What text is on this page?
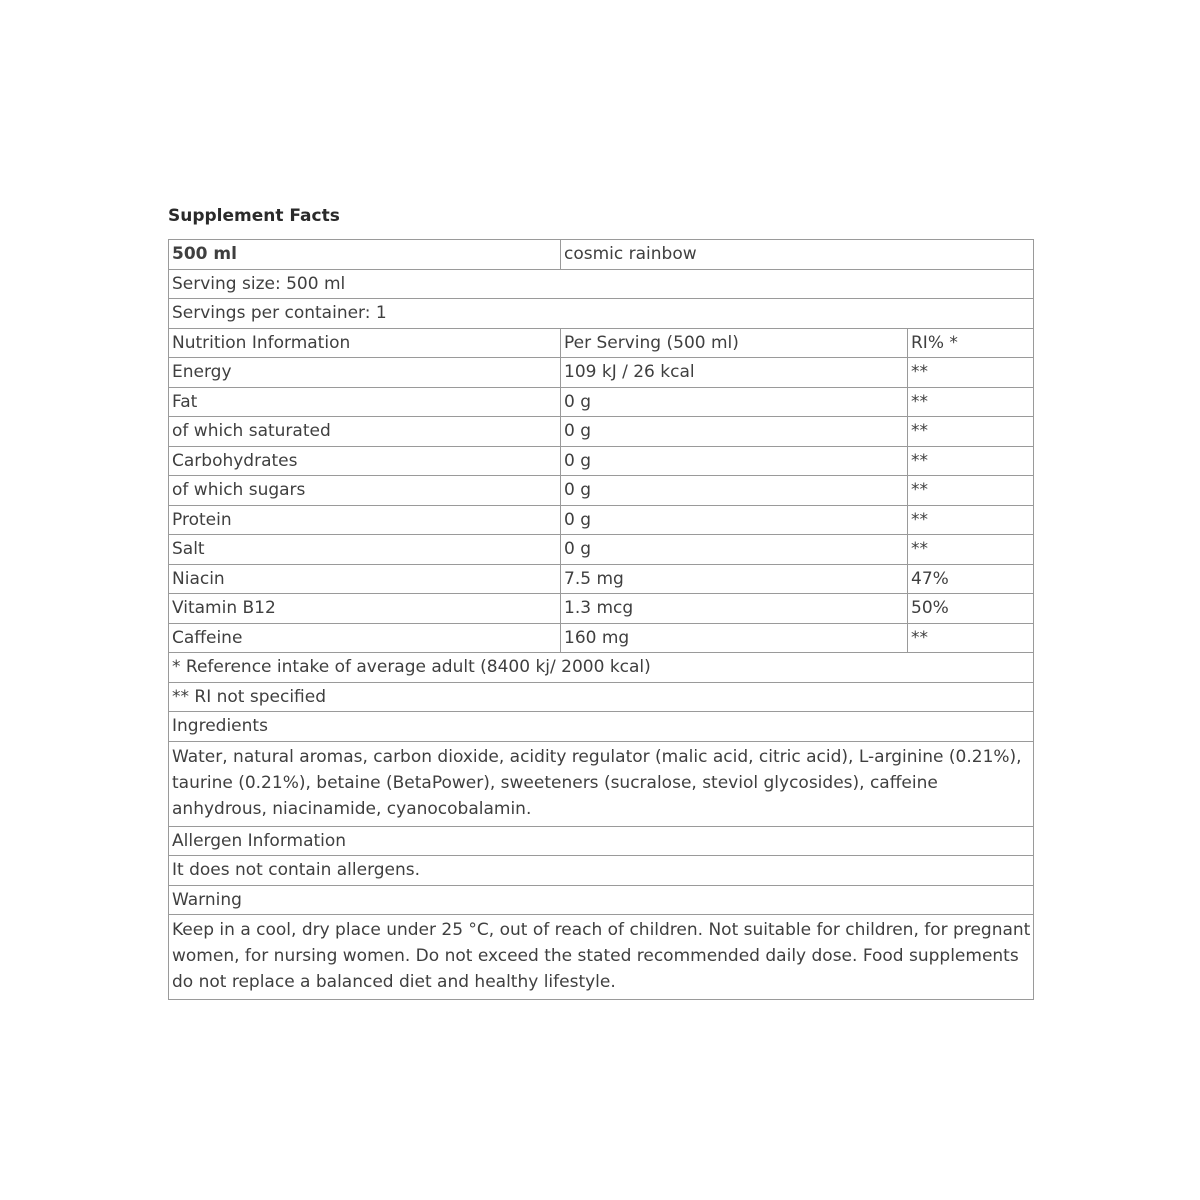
Supplement Facts
500 ml	cosmic rainbow	
Serving size: 500 ml		
Servings per container: 1		
Nutrition Information	Per Serving (500 ml)	RI% *
Energy	109 kJ / 26 kcal	**
Fat	0 g	**
of which saturated	0 g	**
Carbohydrates	0 g	**
of which sugars	0 g	**
Protein	0 g	**
Salt	0 g	**
Niacin	7.5 mg	47%
Vitamin B12	1.3 mcg	50%
Caffeine	160 mg	**
* Reference intake of average adult (8400 kj/ 2000 kcal)		
** RI not specified		
Ingredients		
Water, natural aromas, carbon dioxide, acidity regulator (malic acid, citric acid), L-arginine (0.21%), taurine (0.21%), betaine (BetaPower), sweeteners (sucralose, steviol glycosides), caffeine anhydrous, niacinamide, cyanocobalamin.		
Allergen Information		
It does not contain allergens.		
Warning		
Keep in a cool, dry place under 25 °C, out of reach of children. Not suitable for children, for pregnant women, for nursing women. Do not exceed the stated recommended daily dose. Food supplements do not replace a balanced diet and healthy lifestyle.		
